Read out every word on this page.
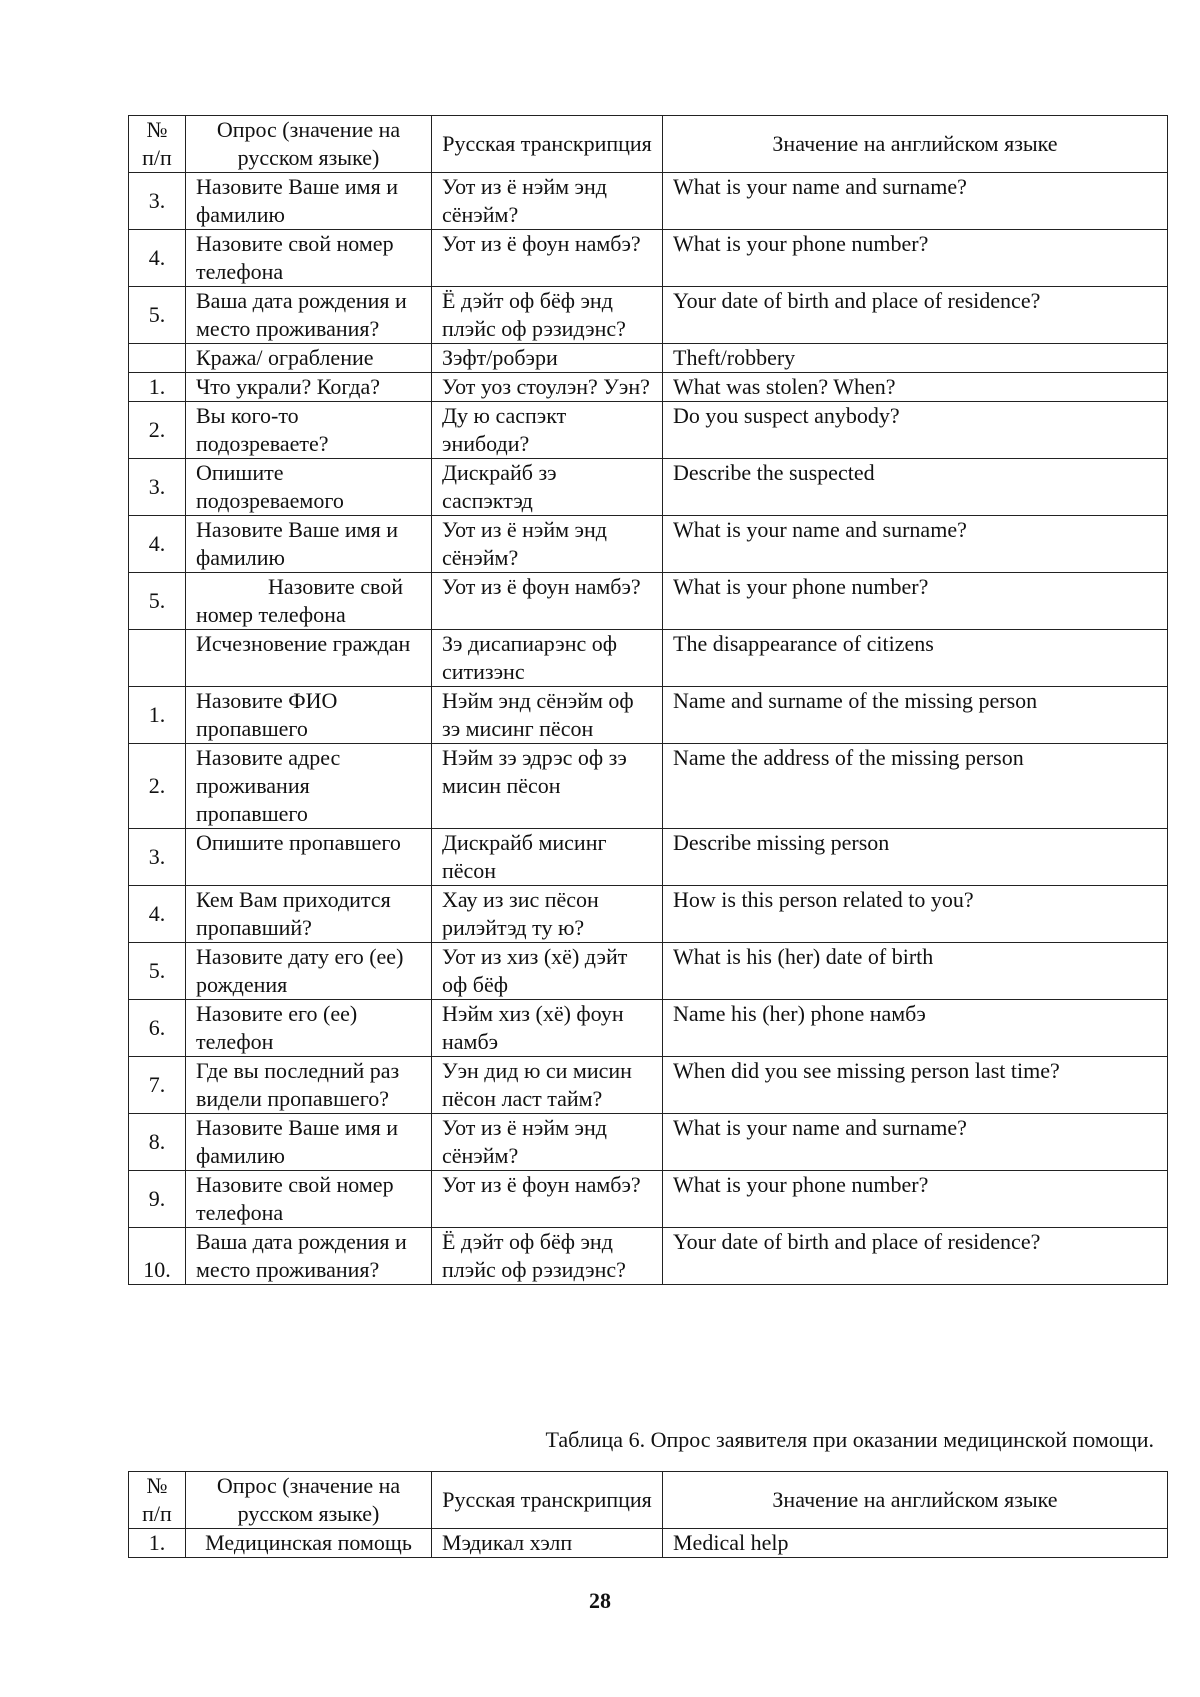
№ п/п	Опрос (значение на русском языке)	Русская транскрипция	Значение на английском языке
3.	Назовите Ваше имя и фамилию	Уот из ё нэйм энд сёнэйм?	What is your name and surname?
4.	Назовите свой номер телефона	Уот из ё фоун намбэ?	What is your phone number?
5.	Ваша дата рождения и место проживания?	Ё дэйт оф бёф энд плэйс оф рэзидэнс?	Your date of birth and place of residence?
	Кража/ ограбление	Зэфт/робэри	Theft/robbery
1.	Что украли? Когда?	Уот уоз стоулэн? Уэн?	What was stolen? When?
2.	Вы кого-то подозреваете?	Ду ю саспэкт энибоди?	Do you suspect anybody?
3.	Опишите подозреваемого	Дискрайб зэ саспэктэд	Describe the suspected
4.	Назовите Ваше имя и фамилию	Уот из ё нэйм энд сёнэйм?	What is your name and surname?
5.	Назовите свой номер телефона	Уот из ё фоун намбэ?	What is your phone number?
	Исчезновение граждан	Зэ дисапиарэнс оф ситизэнс	The disappearance of citizens
1.	Назовите ФИО пропавшего	Нэйм энд сёнэйм оф зэ мисинг пёсон	Name and surname of the missing person
2.	Назовите адрес проживания пропавшего	Нэйм зэ эдрэс оф зэ мисин пёсон	Name the address of the missing person
3.	Опишите пропавшего	Дискрайб мисинг пёсон	Describe missing person
4.	Кем Вам приходится пропавший?	Хау из зис пёсон рилэйтэд ту ю?	How is this person related to you?
5.	Назовите дату его (ее) рождения	Уот из хиз (хё) дэйт оф бёф	What is his (her) date of birth
6.	Назовите его (ее) телефон	Нэйм хиз (хё) фоун намбэ	Name his (her) phone намбэ
7.	Где вы последний раз видели пропавшего?	Уэн дид ю си мисин пёсон ласт тайм?	When did you see missing person last time?
8.	Назовите Ваше имя и фамилию	Уот из ё нэйм энд сёнэйм?	What is your name and surname?
9.	Назовите свой номер телефона	Уот из ё фоун намбэ?	What is your phone number?
10.	Ваша дата рождения и место проживания?	Ё дэйт оф бёф энд плэйс оф рэзидэнс?	Your date of birth and place of residence?
Таблица 6. Опрос заявителя при оказании медицинской помощи.
№ п/п	Опрос (значение на русском языке)	Русская транскрипция	Значение на английском языке
1.	Медицинская помощь	Мэдикал хэлп	Medical help
28
